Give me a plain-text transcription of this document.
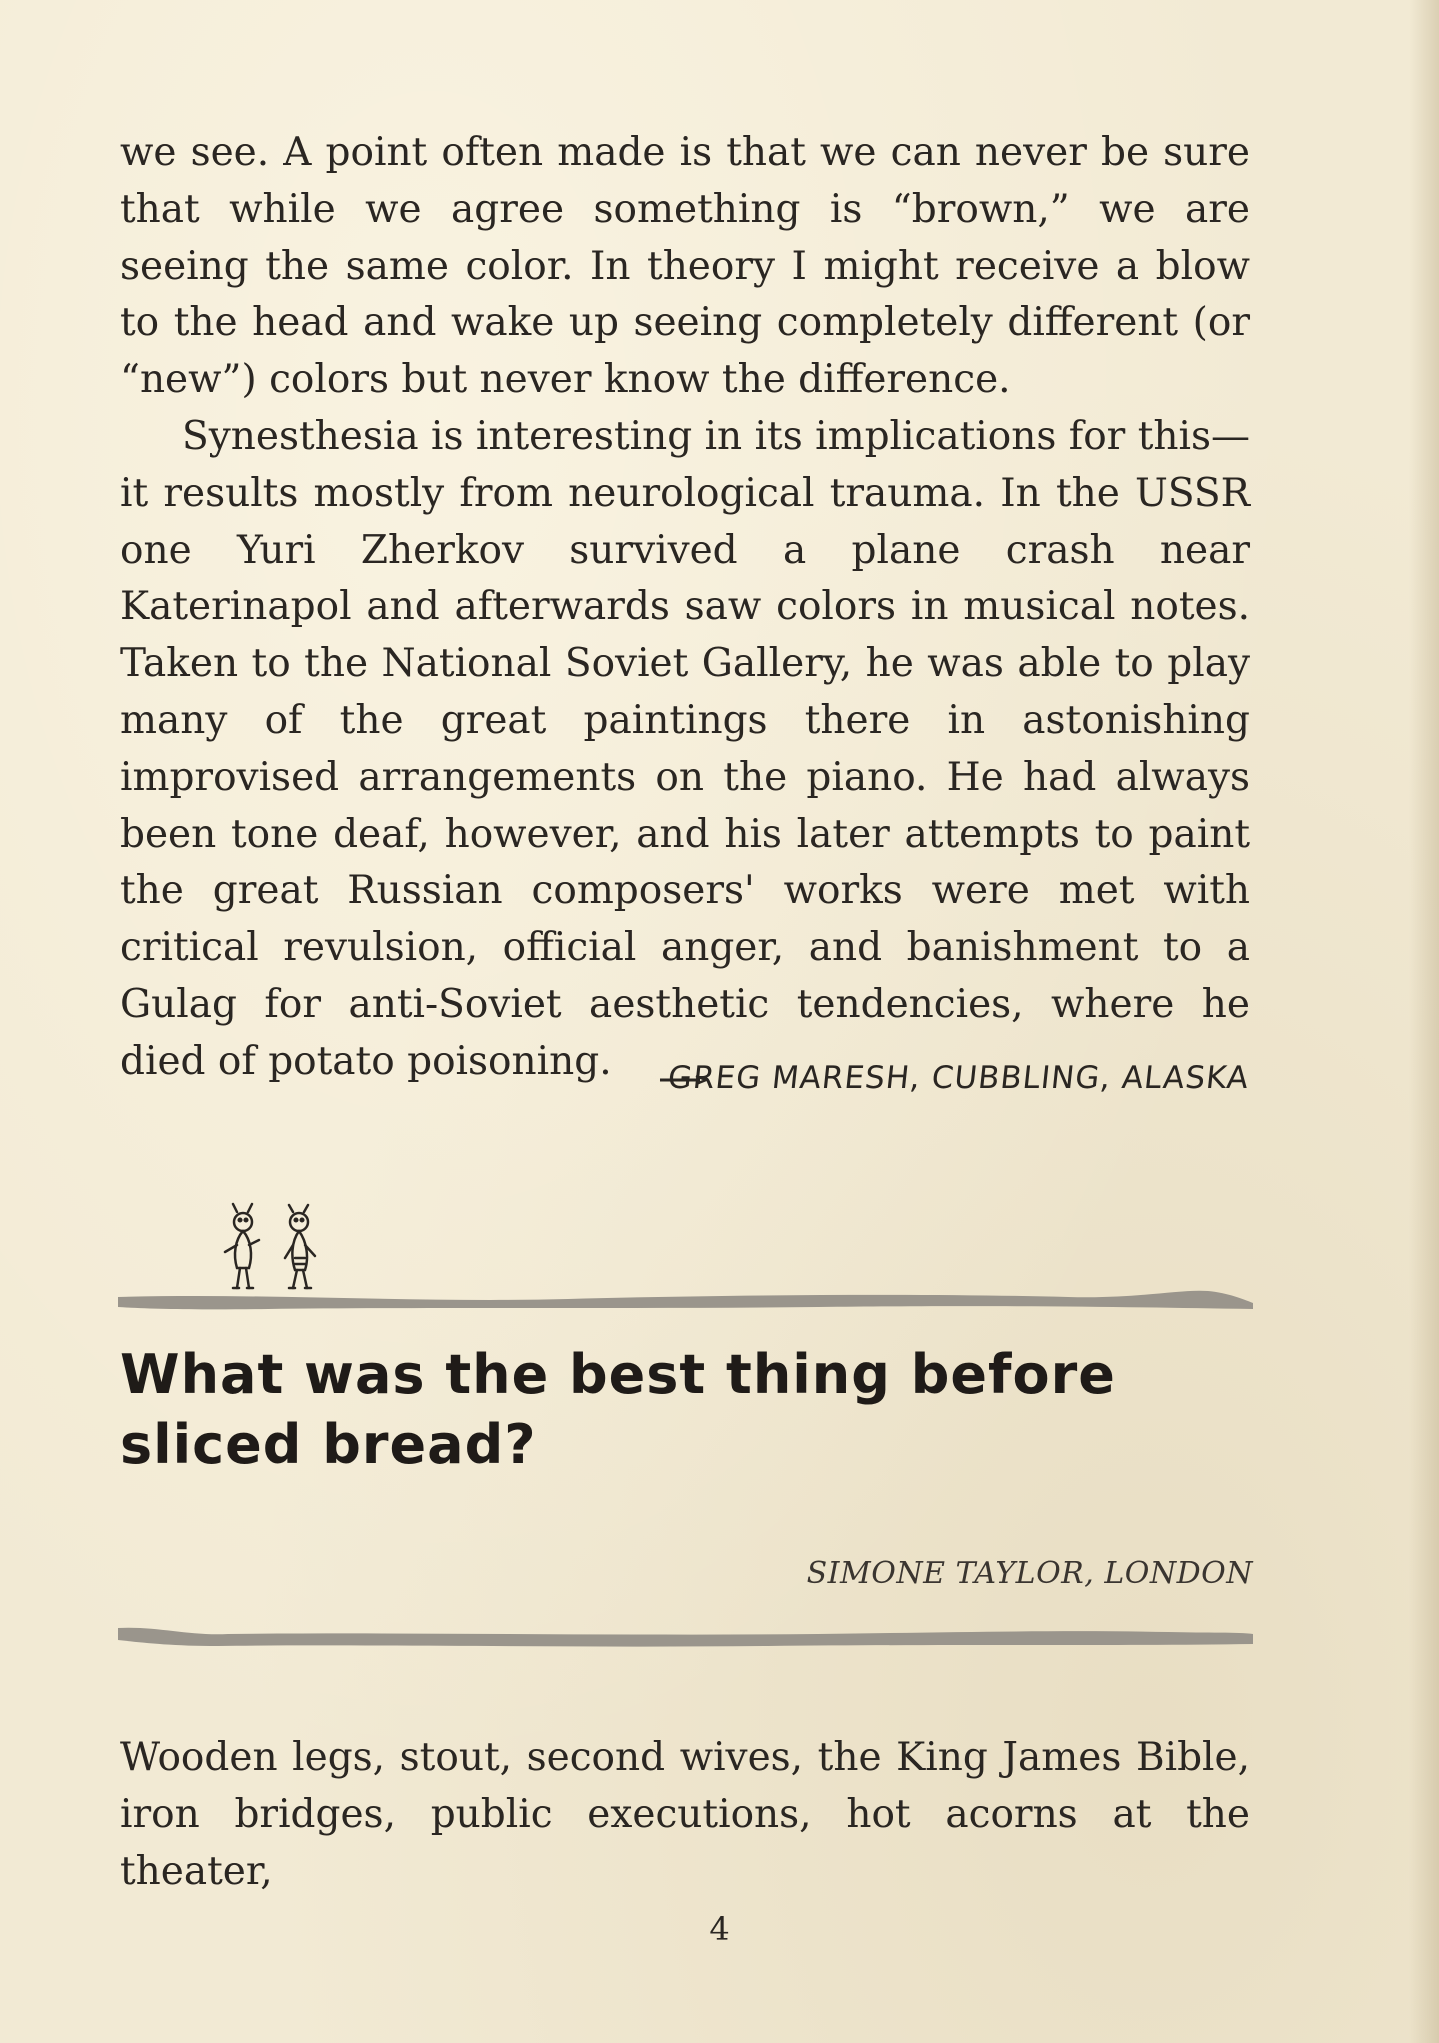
we see. A point often made is that we can never be sure that while we agree something is “brown,” we are seeing the same color. In theory I might receive a blow to the head and wake up seeing completely different (or “new”) colors but never know the difference.

Synesthesia is interesting in its implications for this—it results mostly from neurological trauma. In the USSR one Yuri Zherkov survived a plane crash near Katerinapol and afterwards saw colors in musical notes. Taken to the National Soviet Gallery, he was able to play many of the great paintings there in astonishing improvised arrangements on the piano. He had always been tone deaf, however, and his later attempts to paint the great Russian composers' works were met with critical revulsion, official anger, and banishment to a Gulag for anti-Soviet aesthetic tendencies, where he died of potato poisoning.	GREG MARESH, CUBBLING, ALASKA
What was the best thing before sliced bread?
SIMONE TAYLOR, LONDON

Wooden legs, stout, second wives, the King James Bible, iron bridges, public executions, hot acorns at the theater,

4
